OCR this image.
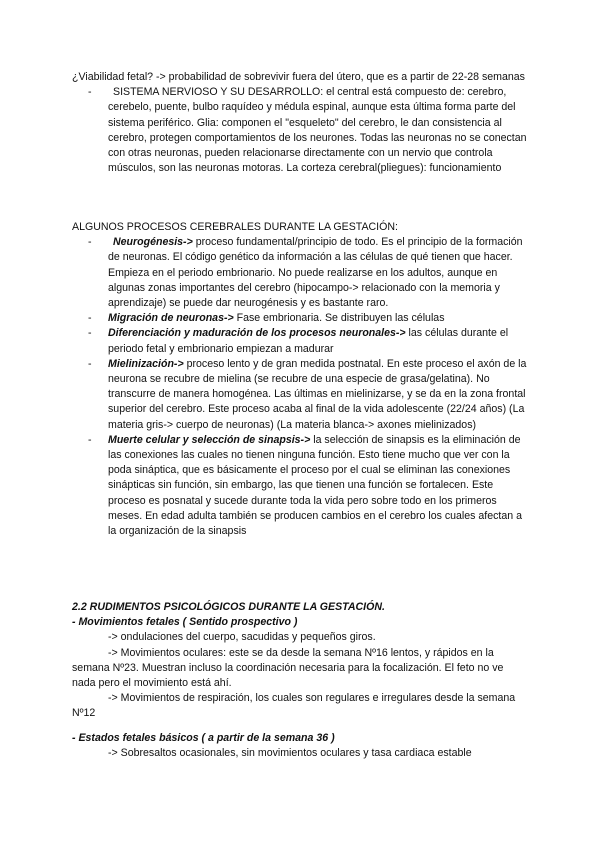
¿Viabilidad fetal? -> probabilidad de sobrevivir fuera del útero, que es a partir de 22-28 semanas

- SISTEMA NERVIOSO Y SU DESARROLLO: el central está compuesto de: cerebro, cerebelo, puente, bulbo raquídeo y médula espinal, aunque esta última forma parte del sistema periférico. Glia: componen el "esqueleto" del cerebro, le dan consistencia al cerebro, protegen comportamientos de los neurones. Todas las neuronas no se conectan con otras neuronas, pueden relacionarse directamente con un nervio que controla músculos, son las neuronas motoras. La corteza cerebral(pliegues): funcionamiento

ALGUNOS PROCESOS CEREBRALES DURANTE LA GESTACIÓN:

- Neurogénesis-> proceso fundamental/principio de todo. Es el principio de la formación de neuronas. El código genético da información a las células de qué tienen que hacer. Empieza en el periodo embrionario. No puede realizarse en los adultos, aunque en algunas zonas importantes del cerebro (hipocampo-> relacionado con la memoria y aprendizaje) se puede dar neurogénesis y es bastante raro.
- Migración de neuronas-> Fase embrionaria. Se distribuyen las células
- Diferenciación y maduración de los procesos neuronales-> las células durante el periodo fetal y embrionario empiezan a madurar
- Mielinización-> proceso lento y de gran medida postnatal. En este proceso el axón de la neurona se recubre de mielina (se recubre de una especie de grasa/gelatina). No transcurre de manera homogénea. Las últimas en mielinizarse, y se da en la zona frontal superior del cerebro. Este proceso acaba al final de la vida adolescente (22/24 años) (La materia gris-> cuerpo de neuronas) (La materia blanca-> axones mielinizados)
- Muerte celular y selección de sinapsis-> la selección de sinapsis es la eliminación de las conexiones las cuales no tienen ninguna función. Esto tiene mucho que ver con la poda sináptica, que es básicamente el proceso por el cual se eliminan las conexiones sinápticas sin función, sin embargo, las que tienen una función se fortalecen. Este proceso es posnatal y sucede durante toda la vida pero sobre todo en los primeros meses. En edad adulta también se producen cambios en el cerebro los cuales afectan a la organización de la sinapsis

2.2 RUDIMENTOS PSICOLÓGICOS DURANTE LA GESTACIÓN.

- Movimientos fetales ( Sentido prospectivo )

-> ondulaciones del cuerpo, sacudidas y pequeños giros.

-> Movimientos oculares: este se da desde la semana Nº16 lentos, y rápidos en la semana Nº23. Muestran incluso la coordinación necesaria para la focalización. El feto no ve nada pero el movimiento está ahí.

-> Movimientos de respiración, los cuales son regulares e irregulares desde la semana Nº12

- Estados fetales básicos ( a partir de la semana 36 )

-> Sobresaltos ocasionales, sin movimientos oculares y tasa cardiaca estable
